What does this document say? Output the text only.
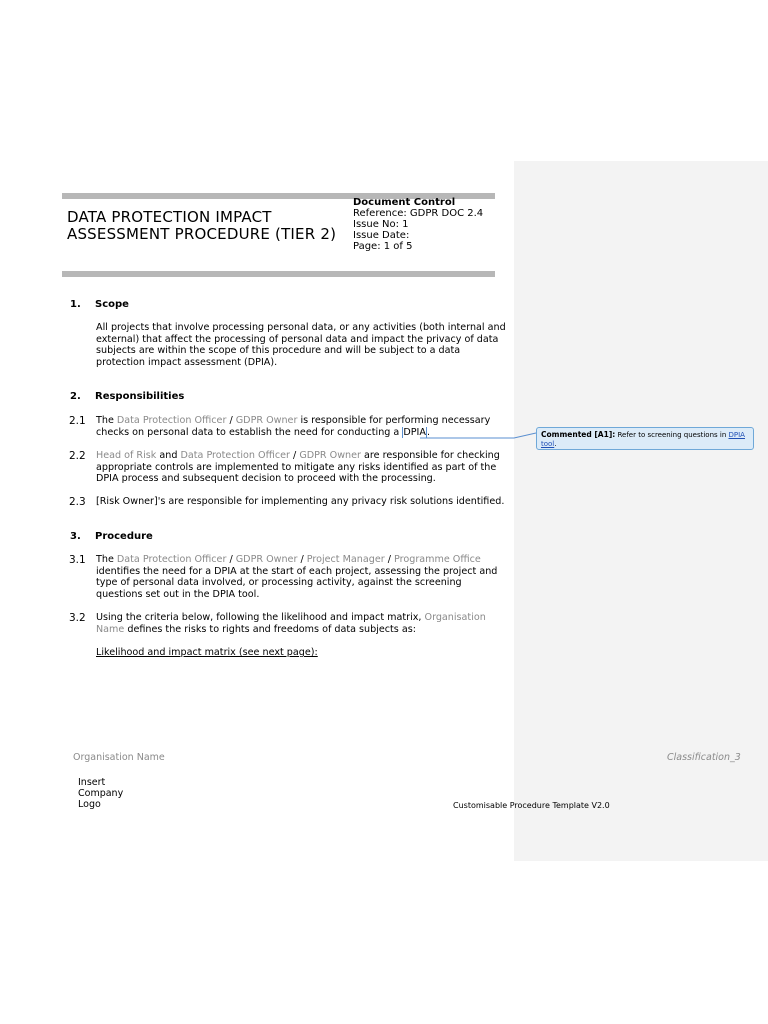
DATA PROTECTION IMPACT ASSESSMENT PROCEDURE (TIER 2)
Document Control
Reference: GDPR DOC 2.4
Issue No: 1
Issue Date:
Page: 1 of 5
1. Scope
All projects that involve processing personal data, or any activities (both internal and external) that affect the processing of personal data and impact the privacy of data subjects are within the scope of this procedure and will be subject to a data protection impact assessment (DPIA).
2. Responsibilities
2.1 The Data Protection Officer / GDPR Owner is responsible for performing necessary checks on personal data to establish the need for conducting a DPIA.
2.2 Head of Risk and Data Protection Officer / GDPR Owner are responsible for checking appropriate controls are implemented to mitigate any risks identified as part of the DPIA process and subsequent decision to proceed with the processing.
2.3 [Risk Owner]'s are responsible for implementing any privacy risk solutions identified.
3. Procedure
3.1 The Data Protection Officer / GDPR Owner / Project Manager / Programme Office identifies the need for a DPIA at the start of each project, assessing the project and type of personal data involved, or processing activity, against the screening questions set out in the DPIA tool.
3.2 Using the criteria below, following the likelihood and impact matrix, Organisation Name defines the risks to rights and freedoms of data subjects as:
Likelihood and impact matrix (see next page):
Commented [A1]: Refer to screening questions in DPIA tool.
Organisation Name	Classification_3
Insert Company Logo	Customisable Procedure Template V2.0
